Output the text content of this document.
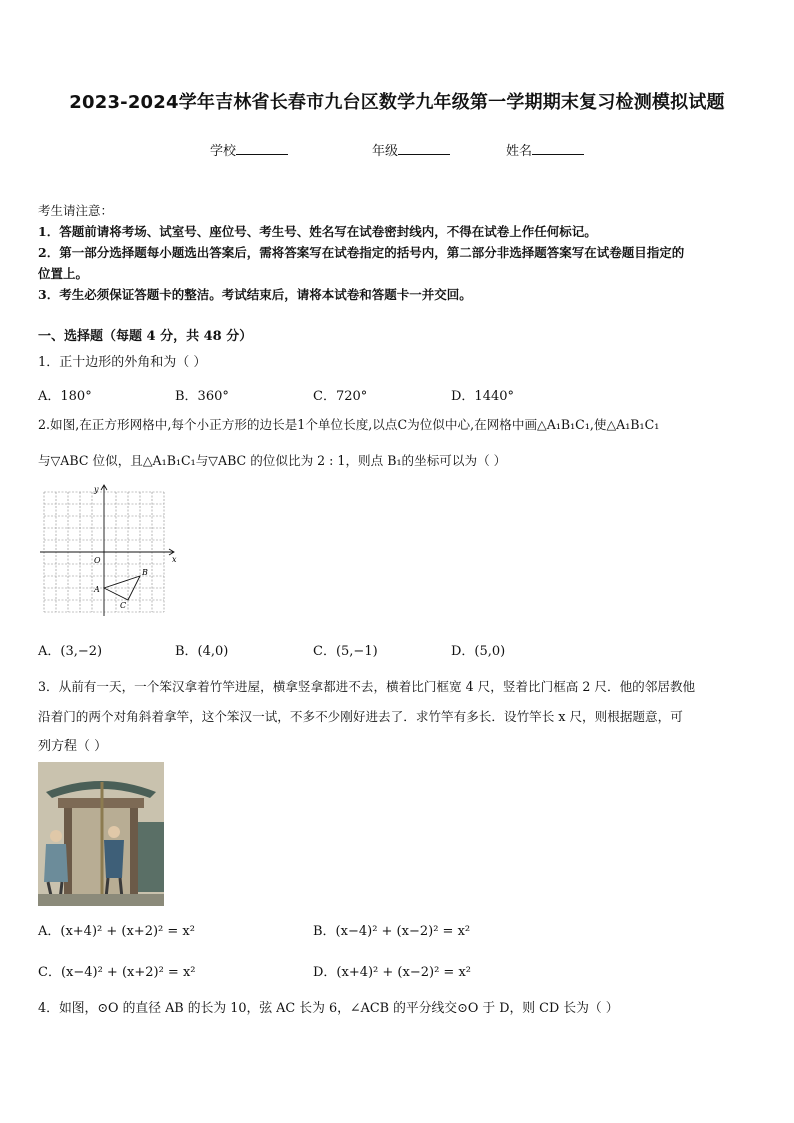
2023-2024学年吉林省长春市九台区数学九年级第一学期期末复习检测模拟试题
学校	年级	姓名
考生请注意：
1．答题前请将考场、试室号、座位号、考生号、姓名写在试卷密封线内，不得在试卷上作任何标记。
2．第一部分选择题每小题选出答案后，需将答案写在试卷指定的括号内，第二部分非选择题答案写在试卷题目指定的
位置上。
3．考生必须保证答题卡的整洁。考试结束后，请将本试卷和答题卡一并交回。
一、选择题（每题 4 分，共 48 分）
1．正十边形的外角和为（ ）
A．180°	B．360°	C．720°	D．1440°
2.如图,在正方形网格中,每个小正方形的边长是1个单位长度,以点C为位似中心,在网格中画△A₁B₁C₁,使△A₁B₁C₁
与▽ABC 位似，且△A₁B₁C₁与▽ABC 的位似比为 2 : 1，则点 B₁的坐标可以为（ ）
y
x
O
A
B
C
A．(3,−2)	B．(4,0)	C．(5,−1)	D．(5,0)
3．从前有一天，一个笨汉拿着竹竿进屋，横拿竖拿都进不去，横着比门框宽 4 尺，竖着比门框高 2 尺．他的邻居教他
沿着门的两个对角斜着拿竿，这个笨汉一试，不多不少刚好进去了．求竹竿有多长．设竹竿长 x 尺，则根据题意，可
列方程（ ）
A．(x+4)² + (x+2)² = x²	B．(x−4)² + (x−2)² = x²
C．(x−4)² + (x+2)² = x²	D．(x+4)² + (x−2)² = x²
4．如图，⊙O 的直径 AB 的长为 10，弦 AC 长为 6，∠ACB 的平分线交⊙O 于 D，则 CD 长为（ ）
